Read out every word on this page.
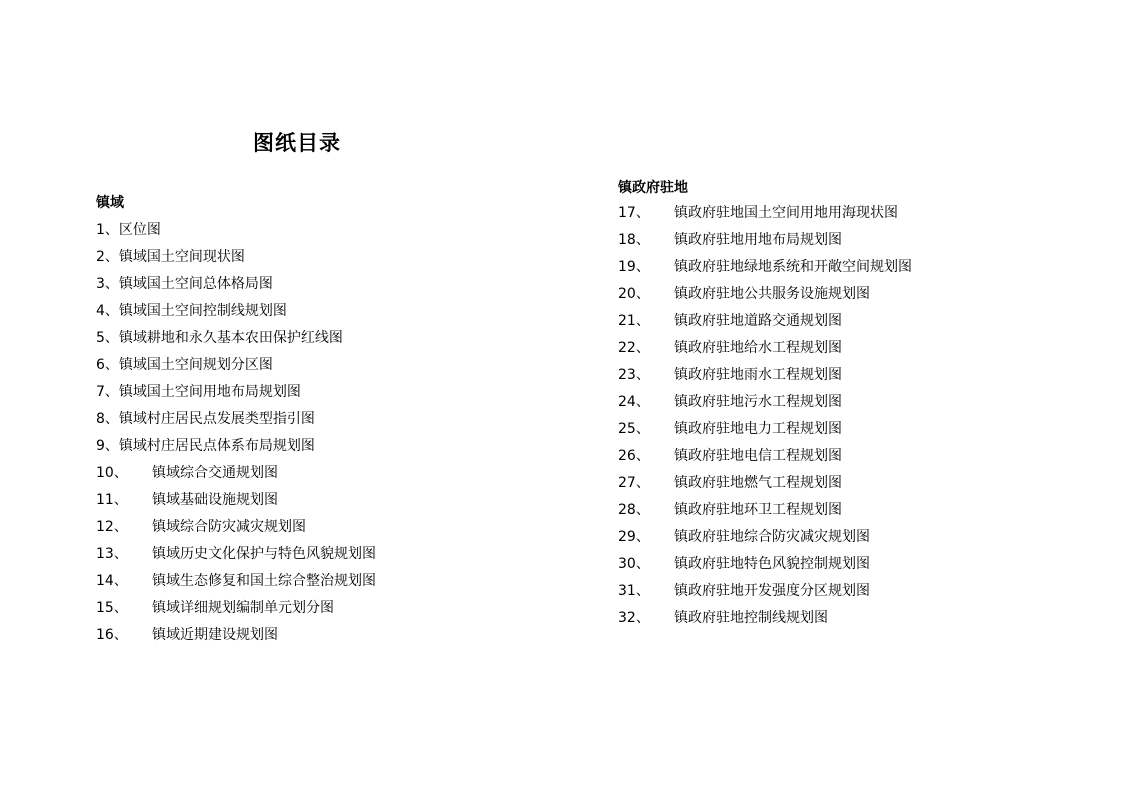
图纸目录
镇域
1、 区位图
2、 镇域国土空间现状图
3、 镇域国土空间总体格局图
4、 镇域国土空间控制线规划图
5、 镇域耕地和永久基本农田保护红线图
6、 镇域国土空间规划分区图
7、 镇域国土空间用地布局规划图
8、 镇域村庄居民点发展类型指引图
9、 镇域村庄居民点体系布局规划图
10、	镇域综合交通规划图
11、	镇域基础设施规划图
12、	镇域综合防灾减灾规划图
13、	镇域历史文化保护与特色风貌规划图
14、	镇域生态修复和国土综合整治规划图
15、	镇域详细规划编制单元划分图
16、	镇域近期建设规划图
镇政府驻地
17、	镇政府驻地国土空间用地用海现状图
18、	镇政府驻地用地布局规划图
19、	镇政府驻地绿地系统和开敞空间规划图
20、	镇政府驻地公共服务设施规划图
21、	镇政府驻地道路交通规划图
22、	镇政府驻地给水工程规划图
23、	镇政府驻地雨水工程规划图
24、	镇政府驻地污水工程规划图
25、	镇政府驻地电力工程规划图
26、	镇政府驻地电信工程规划图
27、	镇政府驻地燃气工程规划图
28、	镇政府驻地环卫工程规划图
29、	镇政府驻地综合防灾减灾规划图
30、	镇政府驻地特色风貌控制规划图
31、	镇政府驻地开发强度分区规划图
32、	镇政府驻地控制线规划图
